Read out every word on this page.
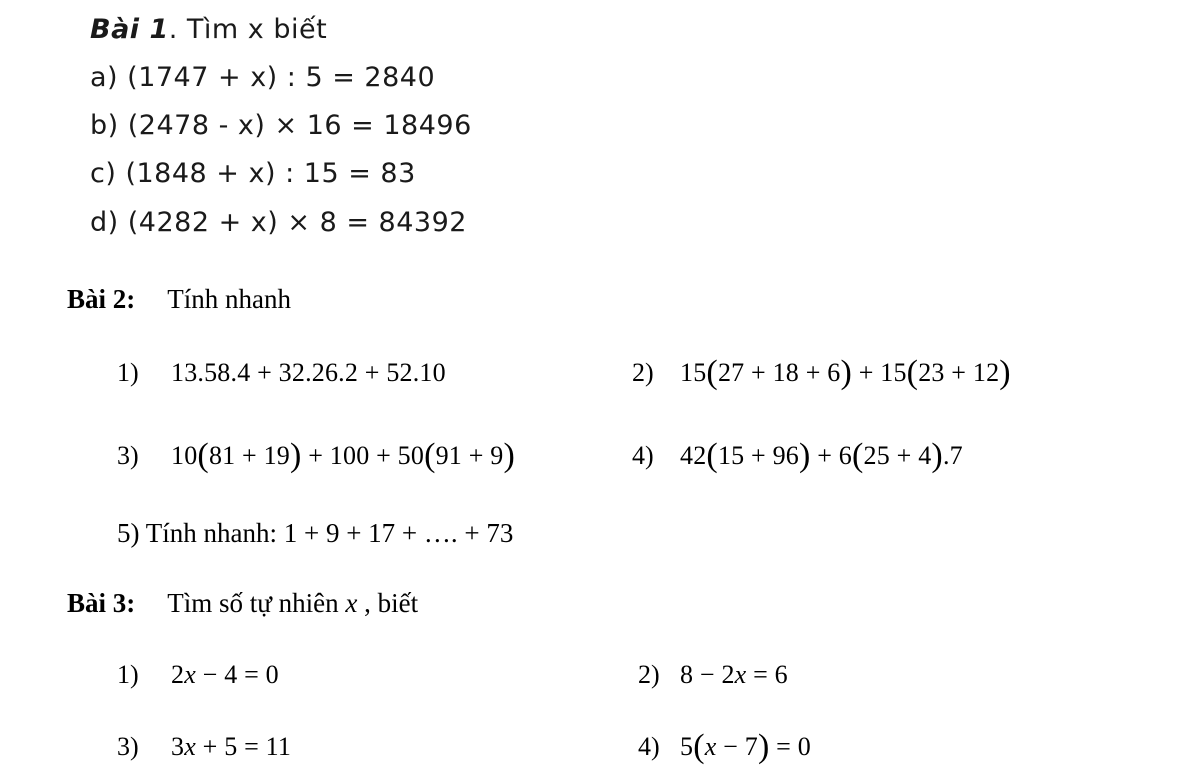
Bài 1. Tìm x biết
a) (1747 + x) : 5 = 2840
b) (2478 - x) × 16 = 18496
c) (1848 + x) : 15 = 83
d) (4282 + x) × 8 = 84392
Bài 2: Tính nhanh
1) 13.58.4 + 32.26.2 + 52.10	2) 15(27 + 18 + 6) + 15(23 + 12)
3) 10(81 + 19) + 100 + 50(91 + 9)	4) 42(15 + 96) + 6(25 + 4).7
5) Tính nhanh: 1 + 9 + 17 + …. + 73
Bài 3: Tìm số tự nhiên x , biết
1) 2x − 4 = 0	2) 8 − 2x = 6
3) 3x + 5 = 11	4) 5(x − 7) = 0
